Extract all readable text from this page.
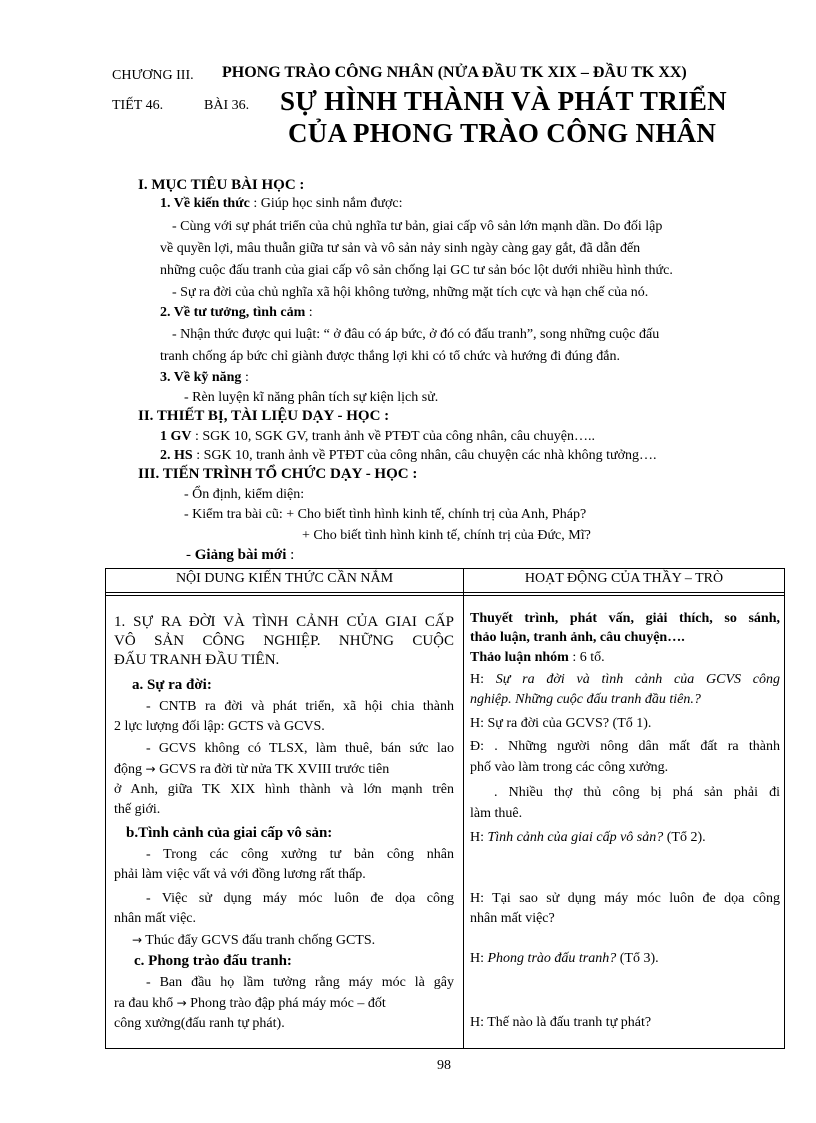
CHƯƠNG III. PHONG TRÀO CÔNG NHÂN (NỬA ĐẦU TK XIX – ĐẦU TK XX)
TIẾT 46.	BÀI 36. SỰ HÌNH THÀNH VÀ PHÁT TRIỂN
CỦA PHONG TRÀO CÔNG NHÂN
I. MỤC TIÊU BÀI HỌC :
1. Về kiến thức : Giúp học sinh nắm được:
- Cùng với sự phát triển của chủ nghĩa tư bản, giai cấp vô sản lớn mạnh dần. Do đối lập
về quyền lợi, mâu thuẫn giữa tư sản và vô sản nảy sinh ngày càng gay gắt, đã dẫn đến
những cuộc đấu tranh của giai cấp vô sản chống lại GC tư sản bóc lột dưới nhiều hình thức.
- Sự ra đời của chủ nghĩa xã hội không tưởng, những mặt tích cực và hạn chế của nó.
2. Về tư tưởng, tình cảm :
- Nhận thức được qui luật: “ ở đâu có áp bức, ở đó có đấu tranh”, song những cuộc đấu
tranh chống áp bức chỉ giành được thắng lợi khi có tổ chức và hướng đi đúng đắn.
3. Về kỹ năng :
- Rèn luyện kĩ năng phân tích sự kiện lịch sử.
II. THIẾT BỊ, TÀI LIỆU DẠY - HỌC :
1 GV : SGK 10, SGK GV, tranh ảnh về PTĐT của công nhân, câu chuyện…..
2. HS : SGK 10, tranh ảnh về PTĐT của công nhân, câu chuyện các nhà không tưởng….
III. TIẾN TRÌNH TỔ CHỨC DẠY - HỌC :
- Ổn định, kiểm diện:
- Kiểm tra bài cũ: + Cho biết tình hình kinh tế, chính trị của Anh, Pháp?
+ Cho biết tình hình kinh tế, chính trị của Đức, Mĩ?
- Giảng bài mới :
NỘI DUNG KIẾN THỨC CẦN NẮM	HOẠT ĐỘNG CỦA THẦY – TRÒ

1. SỰ RA ĐỜI VÀ TÌNH CẢNH CỦA GIAI CẤP

VÔ SẢN CÔNG NGHIỆP. NHỮNG CUỘC

ĐẤU TRANH ĐẦU TIÊN.

a. Sự ra đời:

- CNTB ra đời và phát triển, xã hội chia thành

2 lực lượng đối lập: GCTS và GCVS.

- GCVS không có TLSX, làm thuê, bán sức lao

động → GCVS ra đời từ nửa TK XVIII trước tiên

ở Anh, giữa TK XIX hình thành và lớn mạnh trên

thế giới.

b.Tình cảnh của giai cấp vô sản:

- Trong các công xưởng tư bản công nhân

phải làm việc vất vả với đồng lương rất thấp.

- Việc sử dụng máy móc luôn đe dọa công

nhân mất việc.

→ Thúc đẩy GCVS đấu tranh chống GCTS.
c. Phong trào đấu tranh:

- Ban đầu họ lầm tưởng rằng máy móc là gây

ra đau khổ → Phong trào đập phá máy móc – đốt

công xưởng(đấu ranh tự phát).

Thuyết trình, phát vấn, giải thích, so sánh,

thảo luận, tranh ảnh, câu chuyện….

Thảo luận nhóm : 6 tổ.

H: Sự ra đời và tình cảnh của GCVS công

nghiệp. Những cuộc đấu tranh đầu tiên.?

H: Sự ra đời của GCVS? (Tổ 1).

Đ: . Những người nông dân mất đất ra thành

phố vào làm trong các công xưởng.

. Nhiều thợ thủ công bị phá sản phải đi

làm thuê.

H: Tình cảnh của giai cấp vô sản? (Tổ 2).

H: Tại sao sử dụng máy móc luôn đe dọa công

nhân mất việc?

H: Phong trào đấu tranh? (Tổ 3).
H: Thế nào là đấu tranh tự phát?
98
